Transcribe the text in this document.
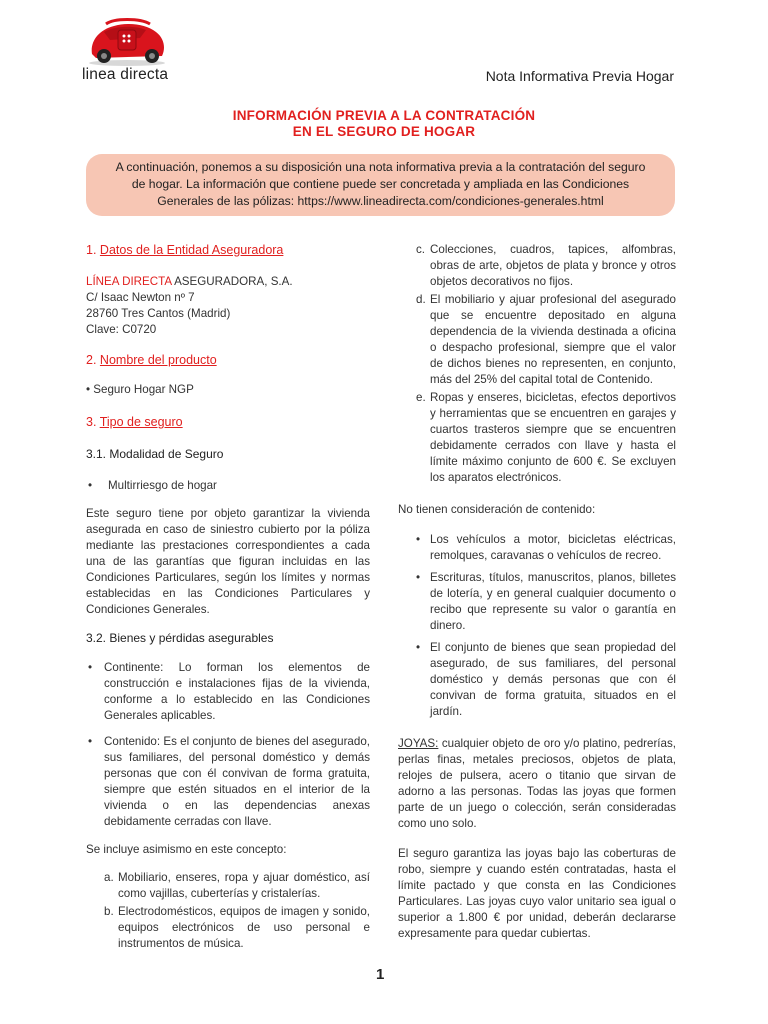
linea directa	Nota Informativa Previa Hogar
INFORMACIÓN PREVIA A LA CONTRATACIÓN
EN EL SEGURO DE HOGAR
A continuación, ponemos a su disposición una nota informativa previa a la contratación del seguro
de hogar. La información que contiene puede ser concretada y ampliada en las Condiciones
Generales de las pólizas: https://www.lineadirecta.com/condiciones-generales.html
1. Datos de la Entidad Aseguradora
LÍNEA DIRECTA ASEGURADORA, S.A.
C/ Isaac Newton nº 7
28760 Tres Cantos (Madrid)
Clave: C0720
2. Nombre del producto
• Seguro Hogar NGP
3. Tipo de seguro
3.1. Modalidad de Seguro
• Multirriesgo de hogar

Este seguro tiene por objeto garantizar la vivienda asegurada en caso de siniestro cubierto por la póliza mediante las prestaciones correspondientes a cada una de las garantías que figuran incluidas en las Condiciones Particulares, según los límites y normas establecidas en las Condiciones Particulares y Condiciones Generales.

3.2. Bienes y pérdidas asegurables
• Continente: Lo forman los elementos de construcción e instalaciones fijas de la vivienda, conforme a lo establecido en las Condiciones Generales aplicables.
• Contenido: Es el conjunto de bienes del asegurado, sus familiares, del personal doméstico y demás personas que con él convivan de forma gratuita, siempre que estén situados en el interior de la vivienda o en las dependencias anexas debidamente cerradas con llave.

Se incluye asimismo en este concepto:

a. Mobiliario, enseres, ropa y ajuar doméstico, así como vajillas, cuberterías y cristalerías.
b. Electrodomésticos, equipos de imagen y sonido, equipos electrónicos de uso personal e instrumentos de música.
c. Colecciones, cuadros, tapices, alfombras, obras de arte, objetos de plata y bronce y otros objetos decorativos no fijos.
d. El mobiliario y ajuar profesional del asegurado que se encuentre depositado en alguna dependencia de la vivienda destinada a oficina o despacho profesional, siempre que el valor de dichos bienes no representen, en conjunto, más del 25% del capital total de Contenido.
e. Ropas y enseres, bicicletas, efectos deportivos y herramientas que se encuentren en garajes y cuartos trasteros siempre que se encuentren debidamente cerrados con llave y hasta el límite máximo conjunto de 600 €. Se excluyen los aparatos electrónicos.

No tienen consideración de contenido:

• Los vehículos a motor, bicicletas eléctricas, remolques, caravanas o vehículos de recreo.
• Escrituras, títulos, manuscritos, planos, billetes de lotería, y en general cualquier documento o recibo que represente su valor o garantía en dinero.
• El conjunto de bienes que sean propiedad del asegurado, de sus familiares, del personal doméstico y demás personas que con él convivan de forma gratuita, situados en el jardín.

JOYAS: cualquier objeto de oro y/o platino, pedrerías, perlas finas, metales preciosos, objetos de plata, relojes de pulsera, acero o titanio que sirvan de adorno a las personas. Todas las joyas que formen parte de un juego o colección, serán consideradas como uno solo.

El seguro garantiza las joyas bajo las coberturas de robo, siempre y cuando estén contratadas, hasta el límite pactado y que consta en las Condiciones Particulares. Las joyas cuyo valor unitario sea igual o superior a 1.800 € por unidad, deberán declararse expresamente para quedar cubiertas.

1
